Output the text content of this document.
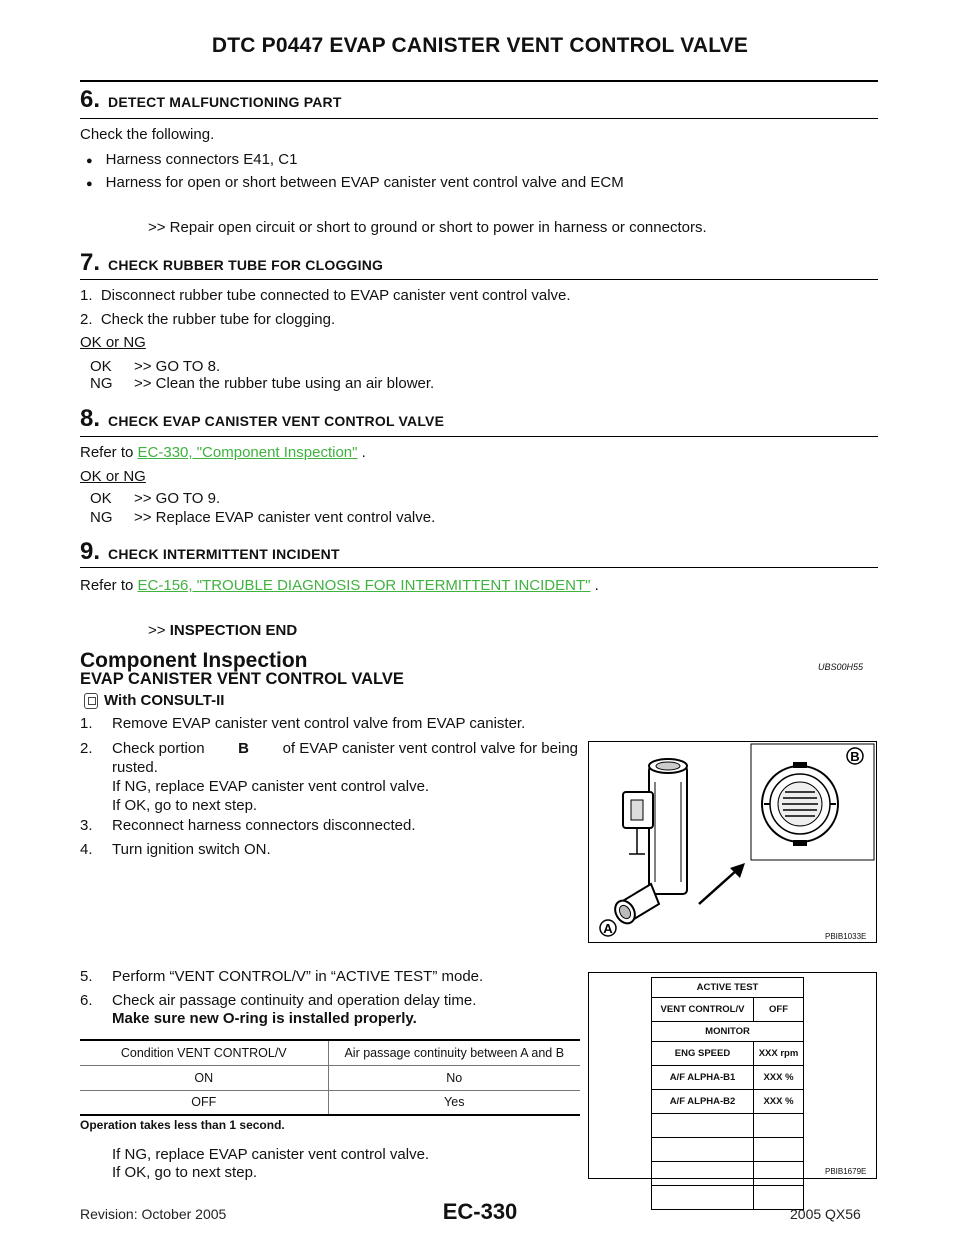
DTC P0447 EVAP CANISTER VENT CONTROL VALVE
6. DETECT MALFUNCTIONING PART
Check the following.
● Harness connectors E41, C1
● Harness for open or short between EVAP canister vent control valve and ECM
>> Repair open circuit or short to ground or short to power in harness or connectors.
7. CHECK RUBBER TUBE FOR CLOGGING
1.  Disconnect rubber tube connected to EVAP canister vent control valve.
2.  Check the rubber tube for clogging.
OK or NG
OK	>> GO TO 8.
NG	>> Clean the rubber tube using an air blower.
8. CHECK EVAP CANISTER VENT CONTROL VALVE
Refer to EC-330, "Component Inspection" .
OK or NG
OK	>> GO TO 9.
NG	>> Replace EVAP canister vent control valve.
9. CHECK INTERMITTENT INCIDENT
Refer to EC-156, "TROUBLE DIAGNOSIS FOR INTERMITTENT INCIDENT" .
>> INSPECTION END
Component Inspection	UBS00H55
EVAP CANISTER VENT CONTROL VALVE
With CONSULT-II
1.	Remove EVAP canister vent control valve from EVAP canister.
2.	Check portion B of EVAP canister vent control valve for being
rusted.
If NG, replace EVAP canister vent control valve.
If OK, go to next step.
3.	Reconnect harness connectors disconnected.
4.	Turn ignition switch ON.
5.	Perform “VENT CONTROL/V” in “ACTIVE TEST” mode.
6.	Check air passage continuity and operation delay time.
Make sure new O-ring is installed properly.
Condition VENT CONTROL/V	Air passage continuity between A and B
ON	No
OFF	Yes
Operation takes less than 1 second.
If NG, replace EVAP canister vent control valve.
If OK, go to next step.
A
B
PBIB1033E
ACTIVE TEST	
VENT CONTROL/V	OFF
MONITOR	
ENG SPEED	XXX rpm
A/F ALPHA-B1	XXX %
A/F ALPHA-B2	XXX %

PBIB1679E
Revision: October 2005	EC-330	2005 QX56
